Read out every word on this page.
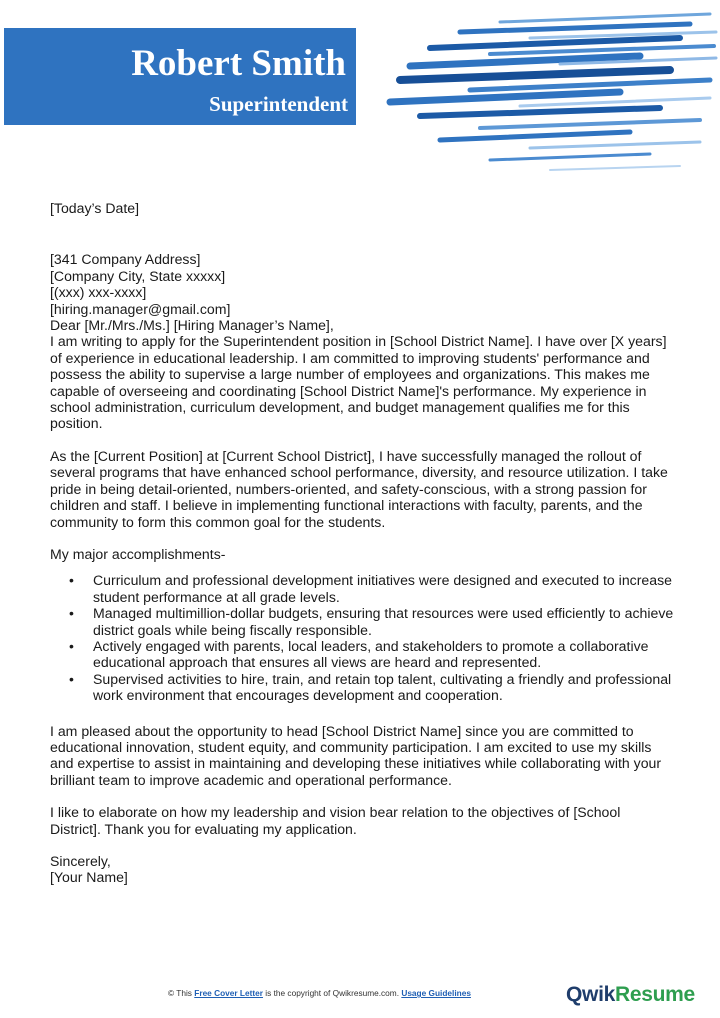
Robert Smith
Superintendent

[Today’s Date]

[341 Company Address]

[Company City, State xxxxx]

[(xxx) xxx-xxxx]

[hiring.manager@gmail.com]

Dear [Mr./Mrs./Ms.] [Hiring Manager’s Name],

I am writing to apply for the Superintendent position in [School District Name]. I have over [X years] of experience in educational leadership. I am committed to improving students' performance and possess the ability to supervise a large number of employees and organizations. This makes me capable of overseeing and coordinating [School District Name]'s performance. My experience in school administration, curriculum development, and budget management qualifies me for this position.

As the [Current Position] at [Current School District], I have successfully managed the rollout of several programs that have enhanced school performance, diversity, and resource utilization. I take pride in being detail-oriented, numbers-oriented, and safety-conscious, with a strong passion for children and staff. I believe in implementing functional interactions with faculty, parents, and the community to form this common goal for the students.

My major accomplishments-

• Curriculum and professional development initiatives were designed and executed to increase student performance at all grade levels.
• Managed multimillion-dollar budgets, ensuring that resources were used efficiently to achieve district goals while being fiscally responsible.
• Actively engaged with parents, local leaders, and stakeholders to promote a collaborative educational approach that ensures all views are heard and represented.
• Supervised activities to hire, train, and retain top talent, cultivating a friendly and professional work environment that encourages development and cooperation.

I am pleased about the opportunity to head [School District Name] since you are committed to educational innovation, student equity, and community participation. I am excited to use my skills and expertise to assist in maintaining and developing these initiatives while collaborating with your brilliant team to improve academic and operational performance.

I like to elaborate on how my leadership and vision bear relation to the objectives of [School District]. Thank you for evaluating my application.

Sincerely,

[Your Name]

© This Free Cover Letter is the copyright of Qwikresume.com. Usage Guidelines	QwikResume
